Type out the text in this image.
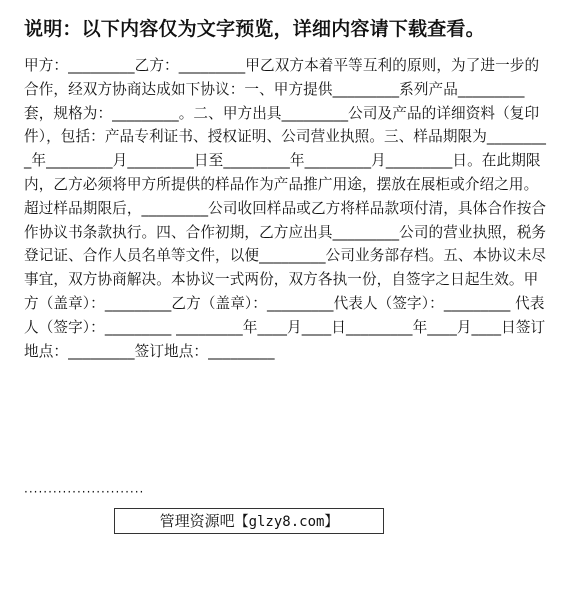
说明：以下内容仅为文字预览，详细内容请下载查看。
甲方：_________乙方：_________甲乙双方本着平等互利的原则，为了进一步的合作，经双方协商达成如下协议：一、甲方提供_________系列产品_________套，规格为：_________。二、甲方出具_________公司及产品的详细资料（复印件），包括：产品专利证书、授权证明、公司营业执照。三、样品期限为_________年_________月_________日至_________年_________月_________日。在此期限内，乙方必须将甲方所提供的样品作为产品推广用途，摆放在展柜或介绍之用。超过样品期限后，_________公司收回样品或乙方将样品款项付清，具体合作按合作协议书条款执行。四、合作初期，乙方应出具_________公司的营业执照，税务登记证、合作人员名单等文件，以便_________公司业务部存档。五、本协议未尽事宜，双方协商解决。本协议一式两份，双方各执一份，自签字之日起生效。甲方（盖章）：_________乙方（盖章）：_________代表人（签字）：_________ 代表人（签字）：_________ _________年____月____日_________年____月____日签订地点：_________签订地点：_________
·························
管理资源吧【glzy8.com】
